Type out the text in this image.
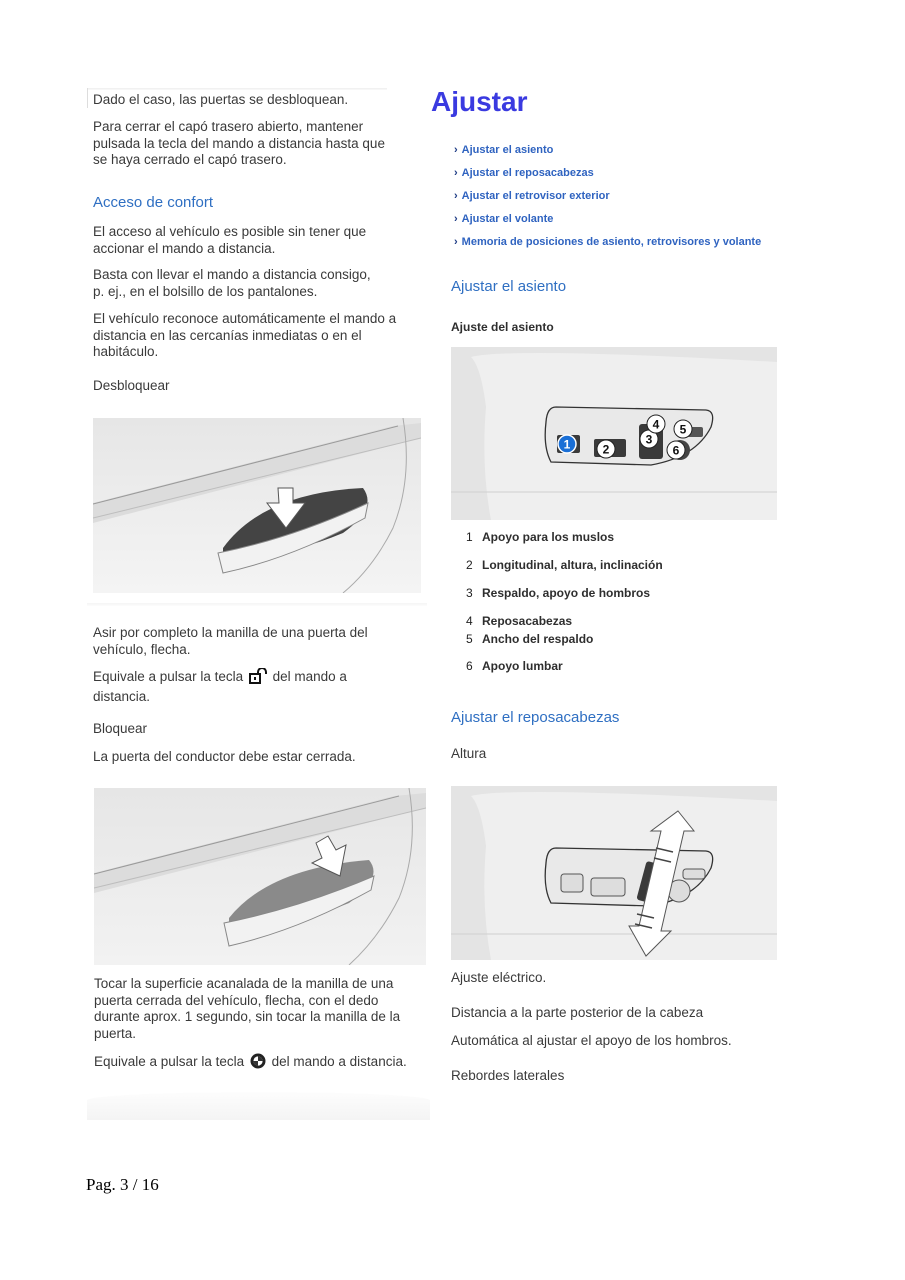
Dado el caso, las puertas se desbloquean.

Para cerrar el capó trasero abierto, mantener

pulsada la tecla del mando a distancia hasta que

se haya cerrado el capó trasero.

Acceso de confort

El acceso al vehículo es posible sin tener que

accionar el mando a distancia.

Basta con llevar el mando a distancia consigo,

p. ej., en el bolsillo de los pantalones.

El vehículo reconoce automáticamente el mando a

distancia en las cercanías inmediatas o en el

habitáculo.

Desbloquear

Asir por completo la manilla de una puerta del

vehículo, flecha.

Equivale a pulsar la tecla del mando a

distancia.

Bloquear

La puerta del conductor debe estar cerrada.

Tocar la superficie acanalada de la manilla de una

puerta cerrada del vehículo, flecha, con el dedo

durante aprox. 1 segundo, sin tocar la manilla de la

puerta.

Equivale a pulsar la tecla del mando a distancia.

Ajustar
› Ajustar el asiento
› Ajustar el reposacabezas
› Ajustar el retrovisor exterior
› Ajustar el volante
› Memoria de posiciones de asiento, retrovisores y volante
Ajustar el asiento
Ajuste del asiento
1	2
3
4 5
6
1 Apoyo para los muslos
2 Longitudinal, altura, inclinación
3 Respaldo, apoyo de hombros
4 Reposacabezas
5 Ancho del respaldo
6 Apoyo lumbar
Ajustar el reposacabezas

Altura

Ajuste eléctrico.

Distancia a la parte posterior de la cabeza

Automática al ajustar el apoyo de los hombros.

Rebordes laterales

Pag. 3 / 16
